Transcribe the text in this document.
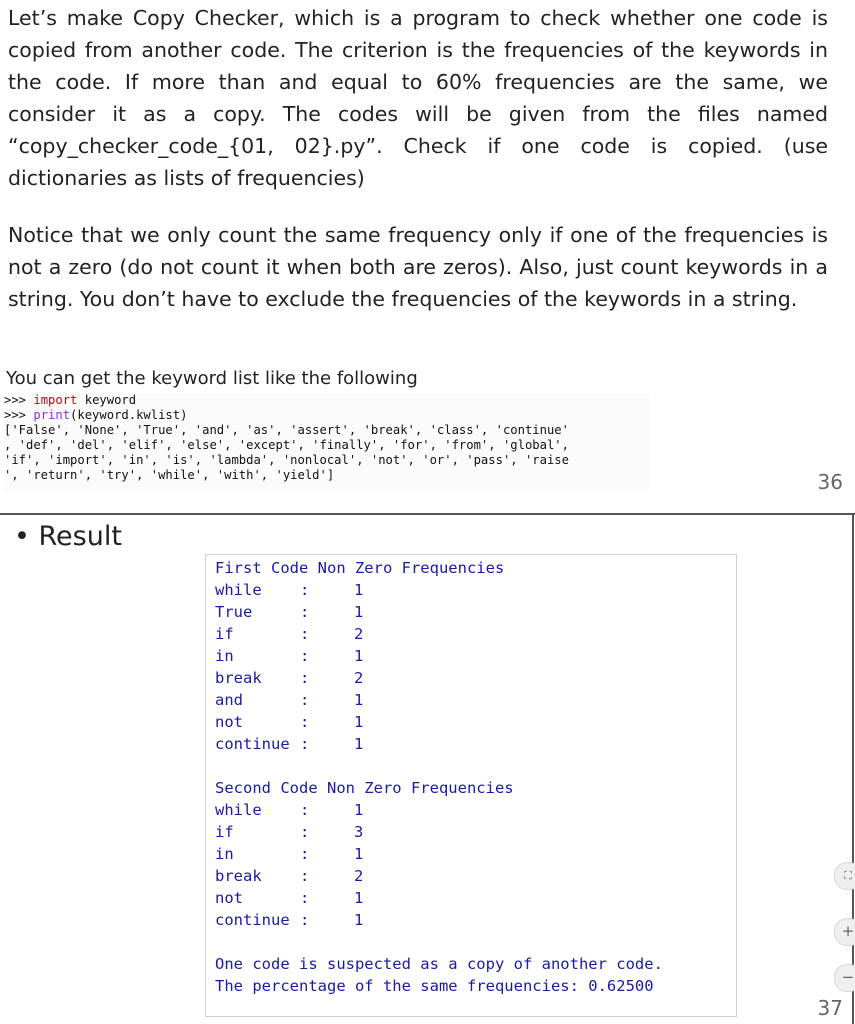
Let’s make Copy Checker, which is a program to check whether one code is copied from another code. The criterion is the frequencies of the keywords in the code. If more than and equal to 60% frequencies are the same, we consider it as a copy. The codes will be given from the files named “copy_checker_code_{01, 02}.py”. Check if one code is copied. (use dictionaries as lists of frequencies)

Notice that we only count the same frequency only if one of the frequencies is not a zero (do not count it when both are zeros). Also, just count keywords in a string. You don’t have to exclude the frequencies of the keywords in a string.

You can get the keyword list like the following

>>> import keyword
>>> print(keyword.kwlist)
['False', 'None', 'True', 'and', 'as', 'assert', 'break', 'class', 'continue'
, 'def', 'del', 'elif', 'else', 'except', 'finally', 'for', 'from', 'global',
'if', 'import', 'in', 'is', 'lambda', 'nonlocal', 'not', 'or', 'pass', 'raise
', 'return', 'try', 'while', 'with', 'yield']	36

• Result

First Code Non Zero Frequencies
while :	1
True	:	1
if	:	2
in	:	1
break :	2
and	:	1
not	:	1
continue :	1
Second Code Non Zero Frequencies
while :	1
if	:	3
in	:	1
break :	2
not	:	1
continue :	1
One code is suspected as a copy of another code.
The percentage of the same frequencies: 0.62500
37
⛶
+
−
